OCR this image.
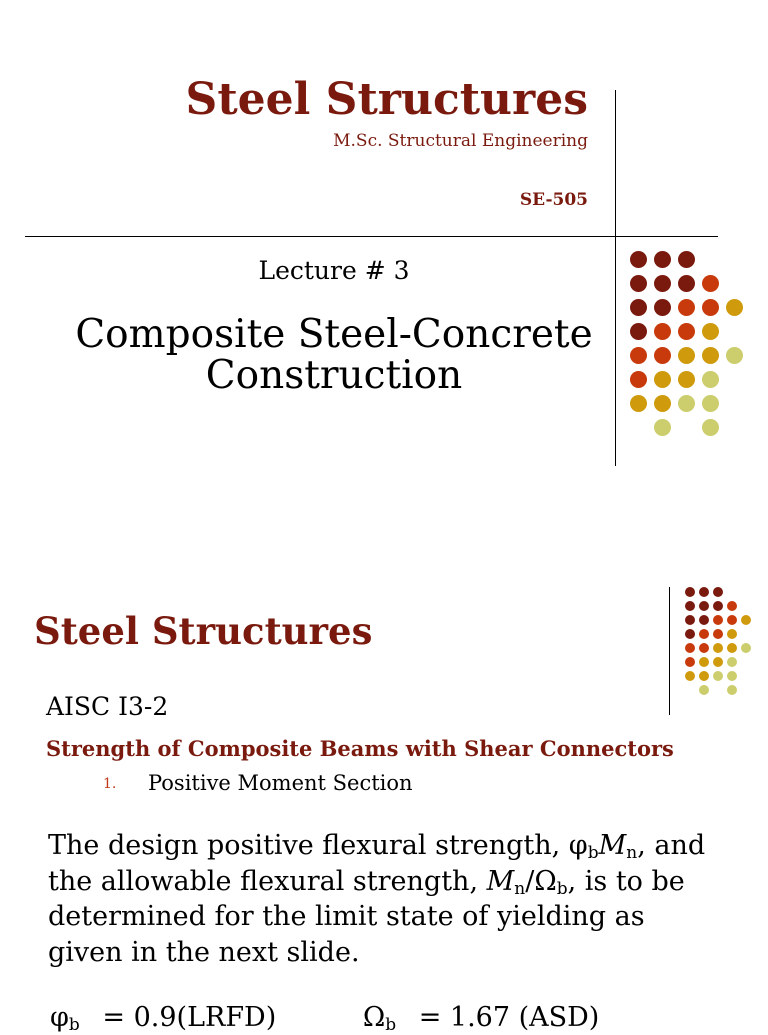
Steel Structures
M.Sc. Structural Engineering
SE-505
Lecture # 3
Composite Steel-Concrete
Construction
Steel Structures
AISC I3-2
Strength of Composite Beams with Shear Connectors
1. Positive Moment Section
The design positive flexural strength, $\varphi_bM_n$, and
the allowable flexural strength, $M_n/\Omega_b$, is to be
determined for the limit state of yielding as
given in the next slide.
$\varphi_b$ = 0.9(LRFD)	$\Omega_b = 1.67$ (ASD)
